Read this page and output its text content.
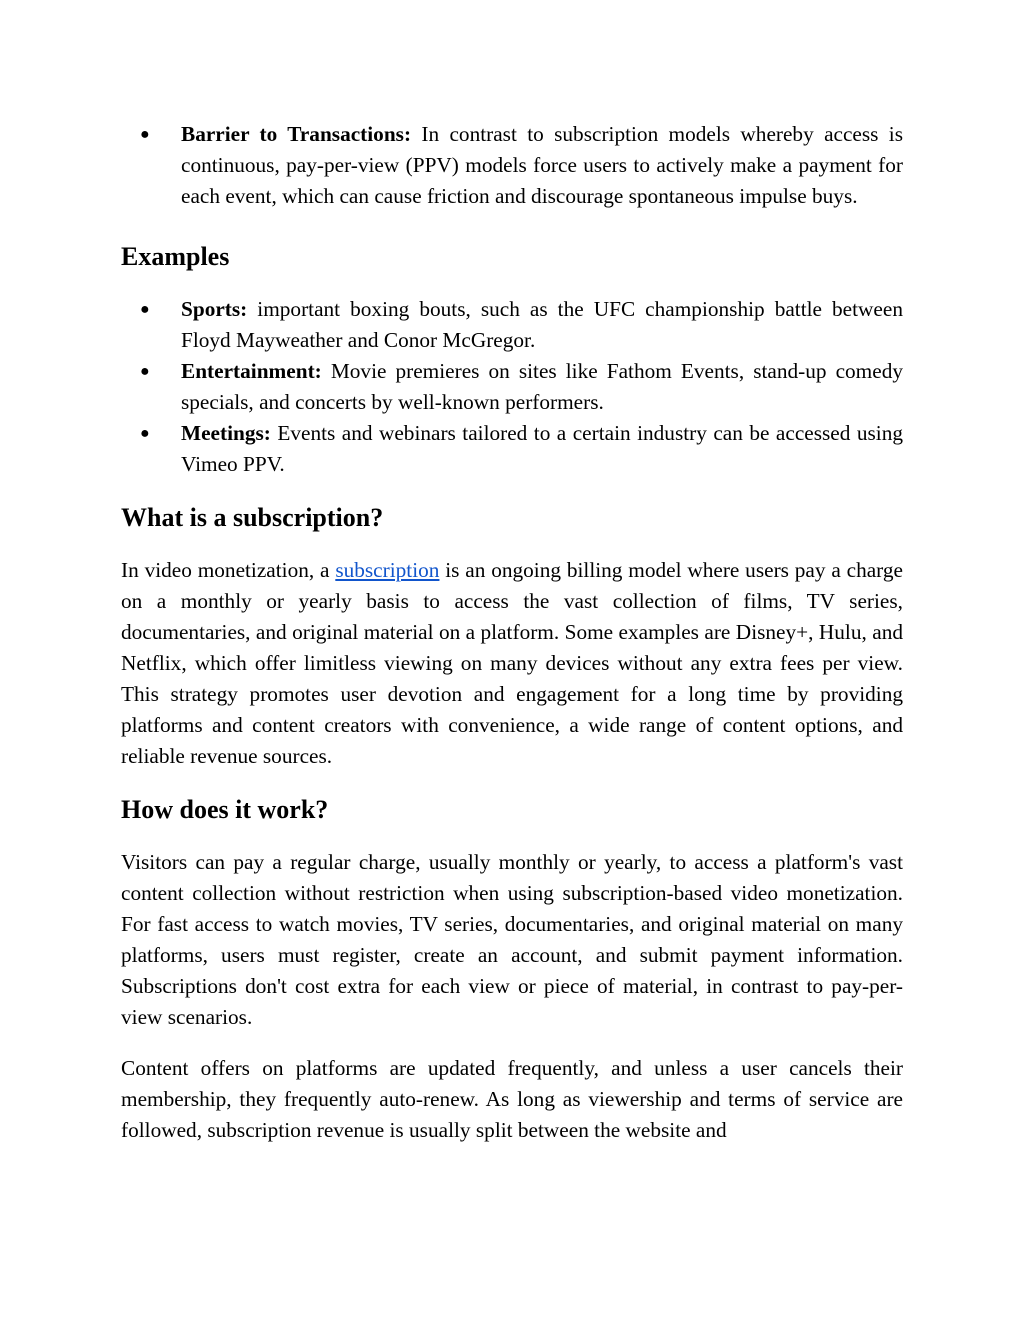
● Barrier to Transactions: In contrast to subscription models whereby access is continuous, pay-per-view (PPV) models force users to actively make a payment for each event, which can cause friction and discourage spontaneous impulse buys.
Examples
● Sports: important boxing bouts, such as the UFC championship battle between Floyd Mayweather and Conor McGregor.
● Entertainment: Movie premieres on sites like Fathom Events, stand-up comedy specials, and concerts by well-known performers.
● Meetings: Events and webinars tailored to a certain industry can be accessed using Vimeo PPV.
What is a subscription?

In video monetization, a subscription is an ongoing billing model where users pay a charge on a monthly or yearly basis to access the vast collection of films, TV series, documentaries, and original material on a platform. Some examples are Disney+, Hulu, and Netflix, which offer limitless viewing on many devices without any extra fees per view. This strategy promotes user devotion and engagement for a long time by providing platforms and content creators with convenience, a wide range of content options, and reliable revenue sources.

How does it work?

Visitors can pay a regular charge, usually monthly or yearly, to access a platform's vast content collection without restriction when using subscription-based video monetization. For fast access to watch movies, TV series, documentaries, and original material on many platforms, users must register, create an account, and submit payment information. Subscriptions don't cost extra for each view or piece of material, in contrast to pay-per-view scenarios.

Content offers on platforms are updated frequently, and unless a user cancels their membership, they frequently auto-renew. As long as viewership and terms of service are followed, subscription revenue is usually split between the website and
